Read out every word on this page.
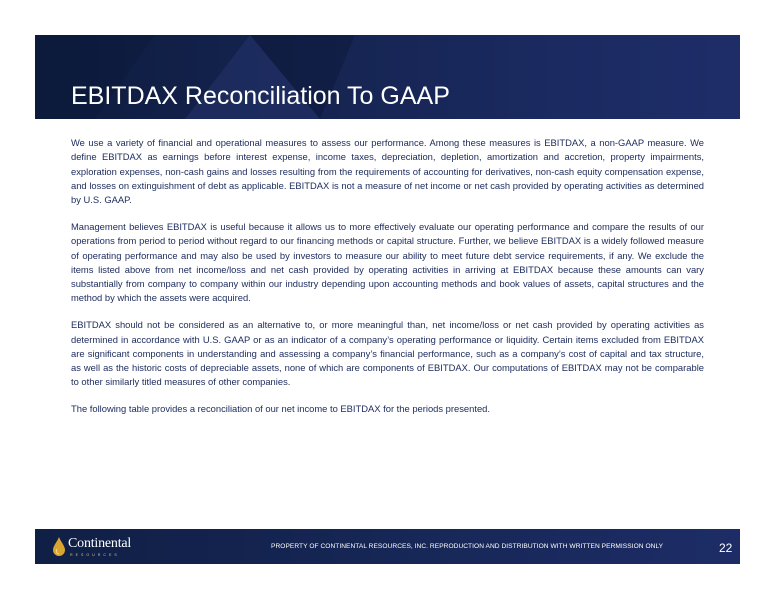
EBITDAX Reconciliation To GAAP

We use a variety of financial and operational measures to assess our performance. Among these measures is EBITDAX, a non-GAAP measure. We define EBITDAX as earnings before interest expense, income taxes, depreciation, depletion, amortization and accretion, property impairments, exploration expenses, non-cash gains and losses resulting from the requirements of accounting for derivatives, non-cash equity compensation expense, and losses on extinguishment of debt as applicable. EBITDAX is not a measure of net income or net cash provided by operating activities as determined by U.S. GAAP.

Management believes EBITDAX is useful because it allows us to more effectively evaluate our operating performance and compare the results of our operations from period to period without regard to our financing methods or capital structure. Further, we believe EBITDAX is a widely followed measure of operating performance and may also be used by investors to measure our ability to meet future debt service requirements, if any. We exclude the items listed above from net income/loss and net cash provided by operating activities in arriving at EBITDAX because these amounts can vary substantially from company to company within our industry depending upon accounting methods and book values of assets, capital structures and the method by which the assets were acquired.

EBITDAX should not be considered as an alternative to, or more meaningful than, net income/loss or net cash provided by operating activities as determined in accordance with U.S. GAAP or as an indicator of a company’s operating performance or liquidity. Certain items excluded from EBITDAX are significant components in understanding and assessing a company’s financial performance, such as a company’s cost of capital and tax structure, as well as the historic costs of depreciable assets, none of which are components of EBITDAX. Our computations of EBITDAX may not be comparable to other similarly titled measures of other companies.

The following table provides a reconciliation of our net income to EBITDAX for the periods presented.

Continental
RESOURCES
PROPERTY OF CONTINENTAL RESOURCES, INC. REPRODUCTION AND DISTRIBUTION WITH WRITTEN PERMISSION ONLY	22
